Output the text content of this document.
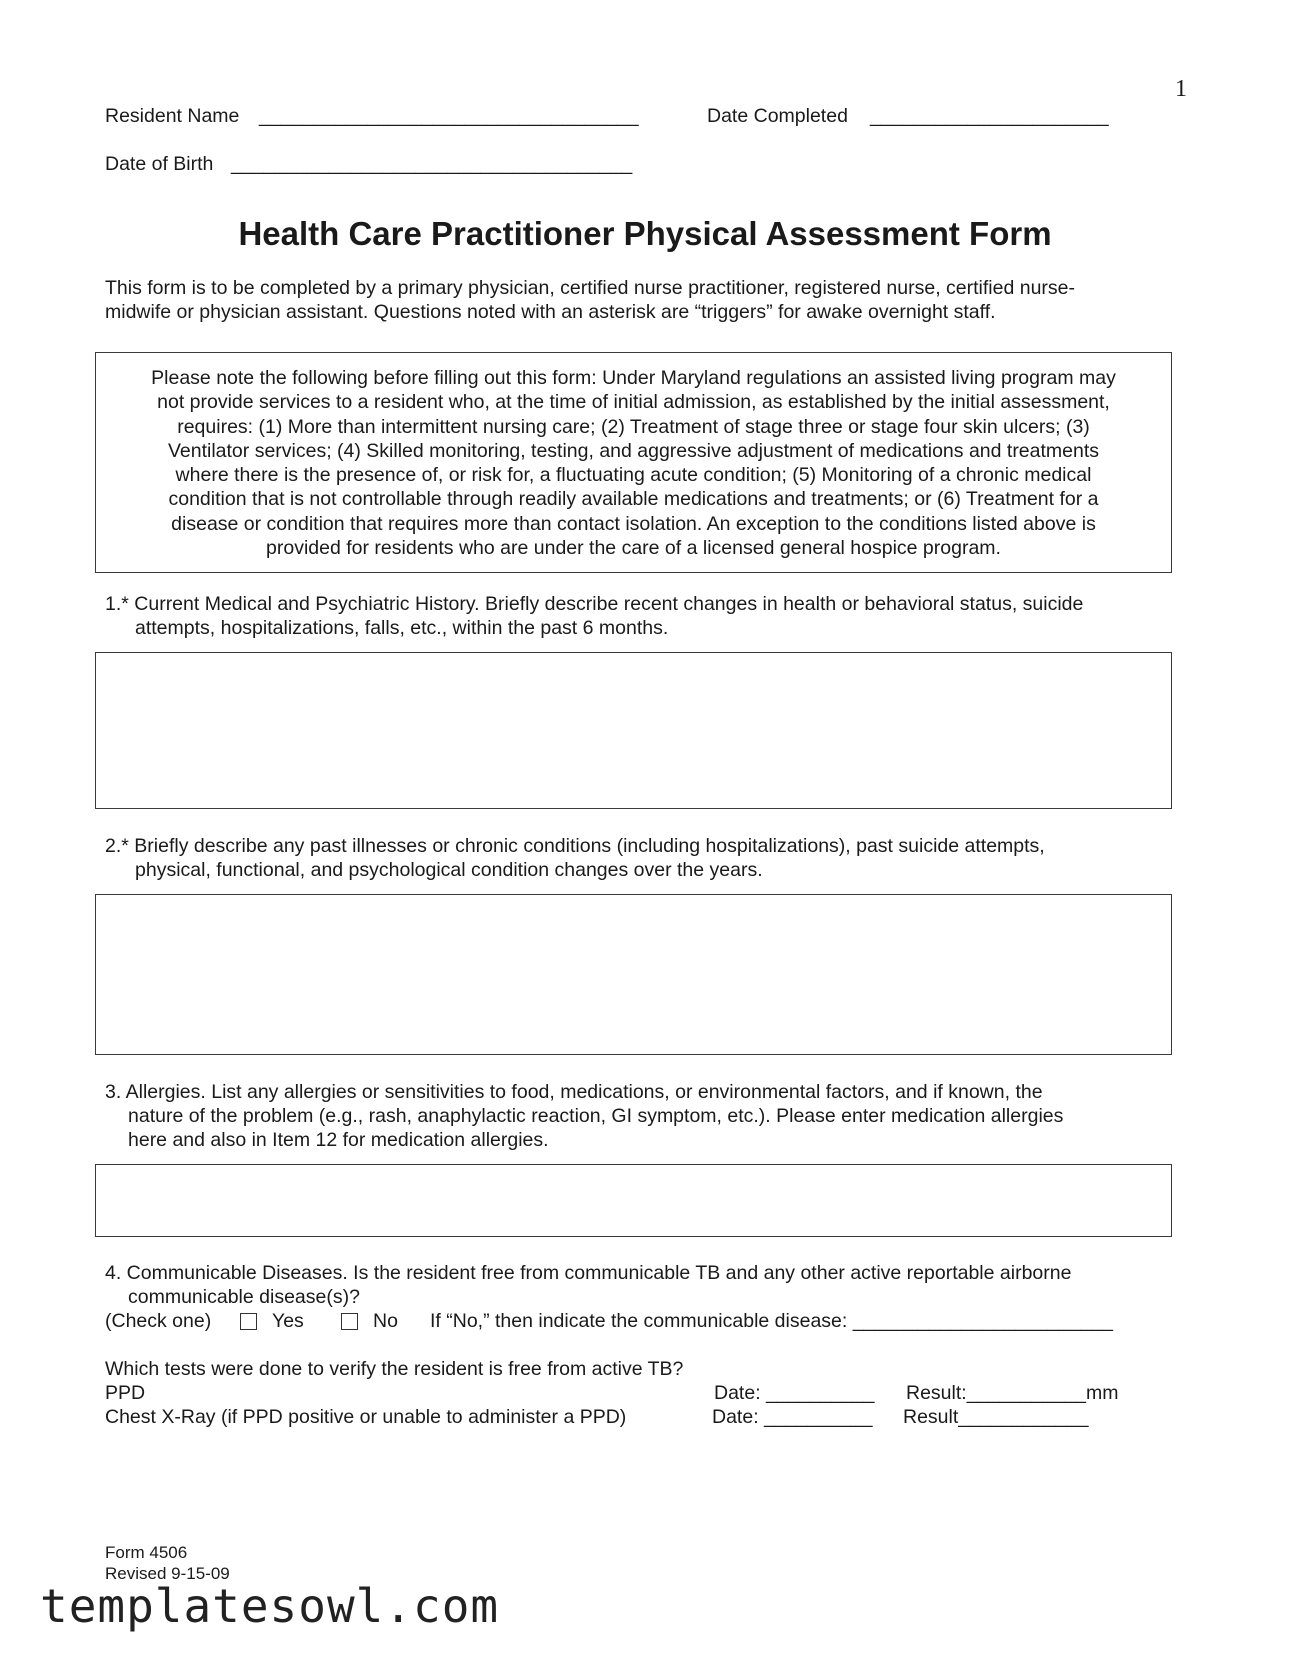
1
Resident Name ___________________________________	Date Completed ______________________
Date of Birth _____________________________________
Health Care Practitioner Physical Assessment Form
This form is to be completed by a primary physician, certified nurse practitioner, registered nurse, certified nurse-
midwife or physician assistant. Questions noted with an asterisk are “triggers” for awake overnight staff.
Please note the following before filling out this form: Under Maryland regulations an assisted living program may
not provide services to a resident who, at the time of initial admission, as established by the initial assessment,
requires: (1) More than intermittent nursing care; (2) Treatment of stage three or stage four skin ulcers; (3)
Ventilator services; (4) Skilled monitoring, testing, and aggressive adjustment of medications and treatments
where there is the presence of, or risk for, a fluctuating acute condition; (5) Monitoring of a chronic medical
condition that is not controllable through readily available medications and treatments; or (6) Treatment for a
disease or condition that requires more than contact isolation. An exception to the conditions listed above is
provided for residents who are under the care of a licensed general hospice program.
1.* Current Medical and Psychiatric History. Briefly describe recent changes in health or behavioral status, suicide
attempts, hospitalizations, falls, etc., within the past 6 months.
2.* Briefly describe any past illnesses or chronic conditions (including hospitalizations), past suicide attempts,
physical, functional, and psychological condition changes over the years.
3. Allergies. List any allergies or sensitivities to food, medications, or environmental factors, and if known, the
nature of the problem (e.g., rash, anaphylactic reaction, GI symptom, etc.). Please enter medication allergies
here and also in Item 12 for medication allergies.
4. Communicable Diseases. Is the resident free from communicable TB and any other active reportable airborne
communicable disease(s)?
(Check one)	Yes	No If “No,” then indicate the communicable disease: ________________________
Which tests were done to verify the resident is free from active TB?
PPD	Date: __________ Result:___________mm
Chest X-Ray (if PPD positive or unable to administer a PPD)	Date: __________ Result____________
Form 4506
Revised 9-15-09
templatesowl.com
